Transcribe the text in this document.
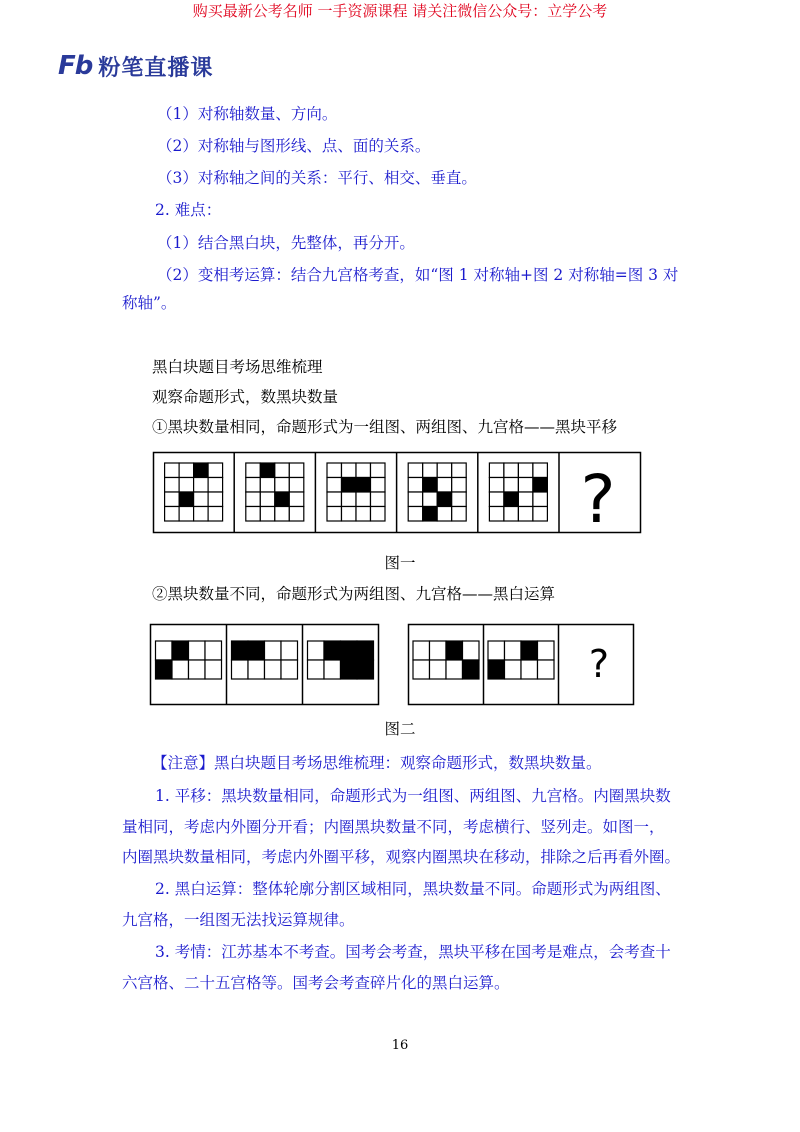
购买最新公考名师 一手资源课程 请关注微信公众号：立学公考
Fb 粉笔直播课
（1）对称轴数量、方向。
（2）对称轴与图形线、点、面的关系。
（3）对称轴之间的关系：平行、相交、垂直。
2. 难点：
（1）结合黑白块，先整体，再分开。
（2）变相考运算：结合九宫格考查，如“图 1 对称轴+图 2 对称轴=图 3 对
称轴”。
黑白块题目考场思维梳理
观察命题形式，数黑块数量
①黑块数量相同，命题形式为一组图、两组图、九宫格——黑块平移
?
图一
②黑块数量不同，命题形式为两组图、九宫格——黑白运算
?
图二
【注意】黑白块题目考场思维梳理：观察命题形式，数黑块数量。
1. 平移：黑块数量相同，命题形式为一组图、两组图、九宫格。内圈黑块数
量相同，考虑内外圈分开看；内圈黑块数量不同，考虑横行、竖列走。如图一，
内圈黑块数量相同，考虑内外圈平移，观察内圈黑块在移动，排除之后再看外圈。
2. 黑白运算：整体轮廓分割区域相同，黑块数量不同。命题形式为两组图、
九宫格，一组图无法找运算规律。
3. 考情：江苏基本不考查。国考会考查，黑块平移在国考是难点，会考查十
六宫格、二十五宫格等。国考会考查碎片化的黑白运算。
16
